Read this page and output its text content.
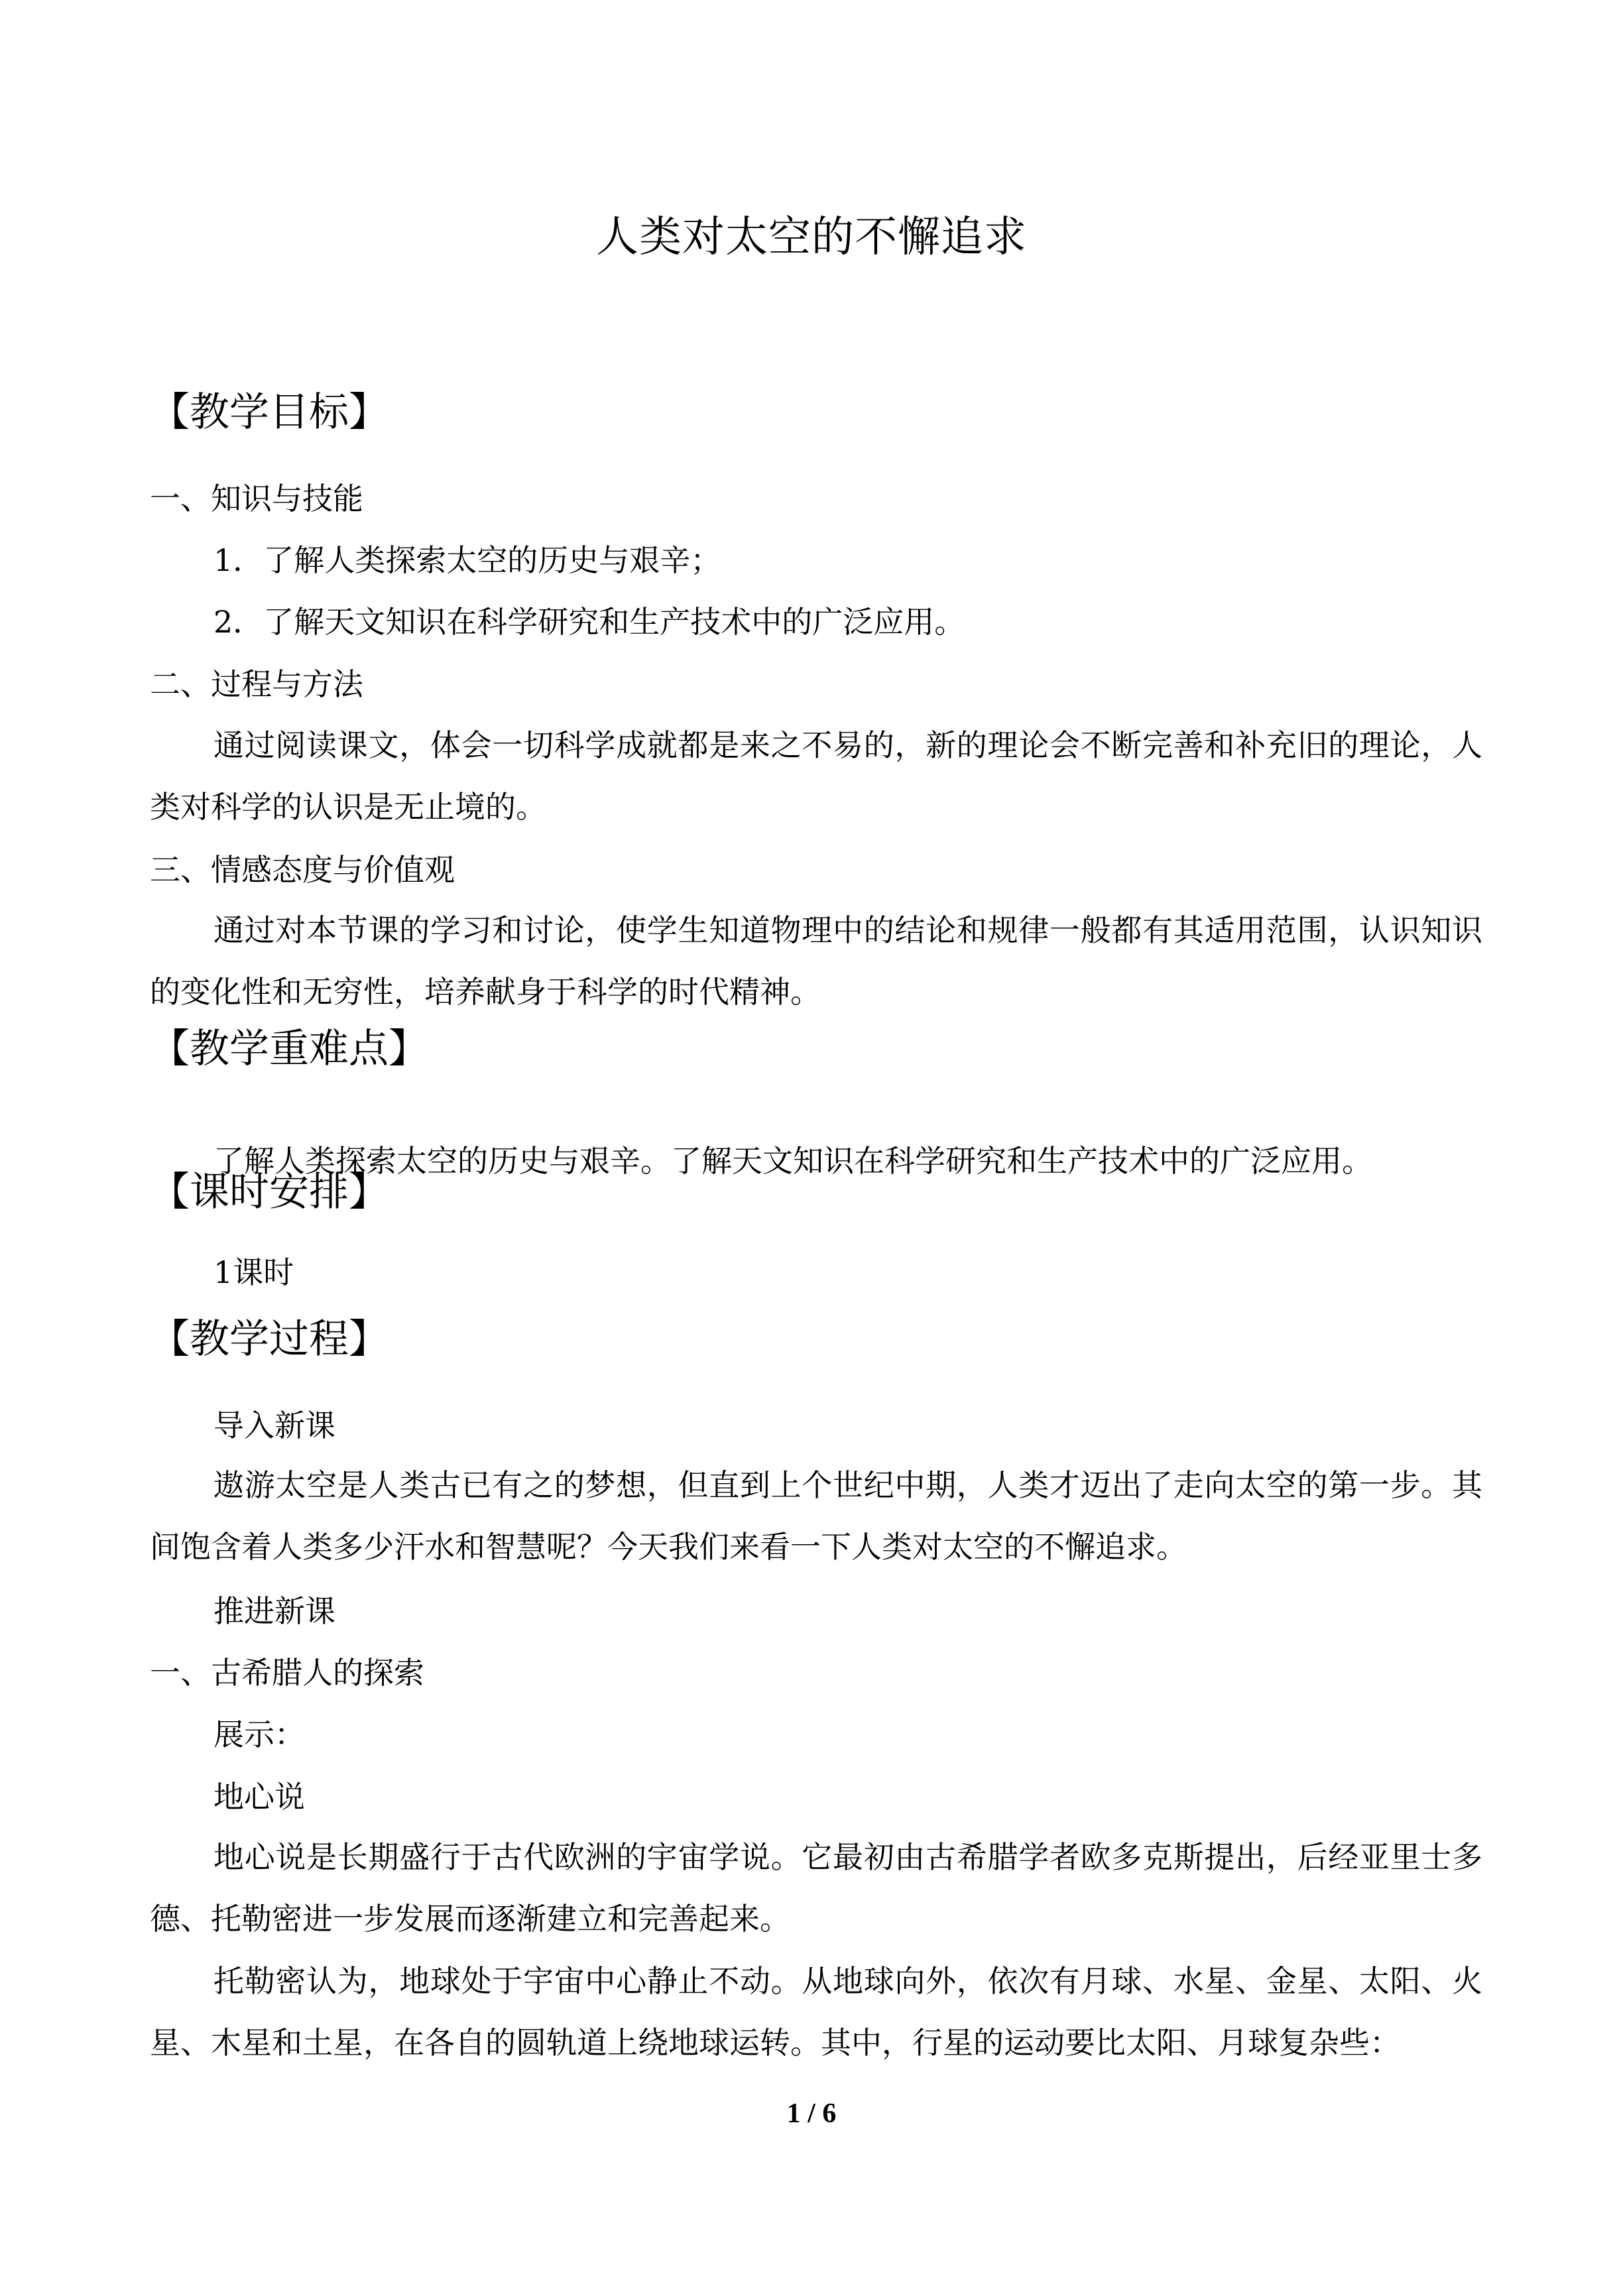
人类对太空的不懈追求
【教学目标】
一、知识与技能
1．了解人类探索太空的历史与艰辛；
2．了解天文知识在科学研究和生产技术中的广泛应用。
二、过程与方法
通过阅读课文，体会一切科学成就都是来之不易的，新的理论会不断完善和补充旧的理论，人类对科学的认识是无止境的。
三、情感态度与价值观
通过对本节课的学习和讨论，使学生知道物理中的结论和规律一般都有其适用范围，认识知识的变化性和无穷性，培养献身于科学的时代精神。
【教学重难点】
了解人类探索太空的历史与艰辛。了解天文知识在科学研究和生产技术中的广泛应用。
【课时安排】
1课时
【教学过程】
导入新课
遨游太空是人类古已有之的梦想，但直到上个世纪中期，人类才迈出了走向太空的第一步。其间饱含着人类多少汗水和智慧呢？今天我们来看一下人类对太空的不懈追求。
推进新课
一、古希腊人的探索
展示：
地心说
地心说是长期盛行于古代欧洲的宇宙学说。它最初由古希腊学者欧多克斯提出，后经亚里士多德、托勒密进一步发展而逐渐建立和完善起来。
托勒密认为，地球处于宇宙中心静止不动。从地球向外，依次有月球、水星、金星、太阳、火星、木星和土星，在各自的圆轨道上绕地球运转。其中，行星的运动要比太阳、月球复杂些：
1 / 6
